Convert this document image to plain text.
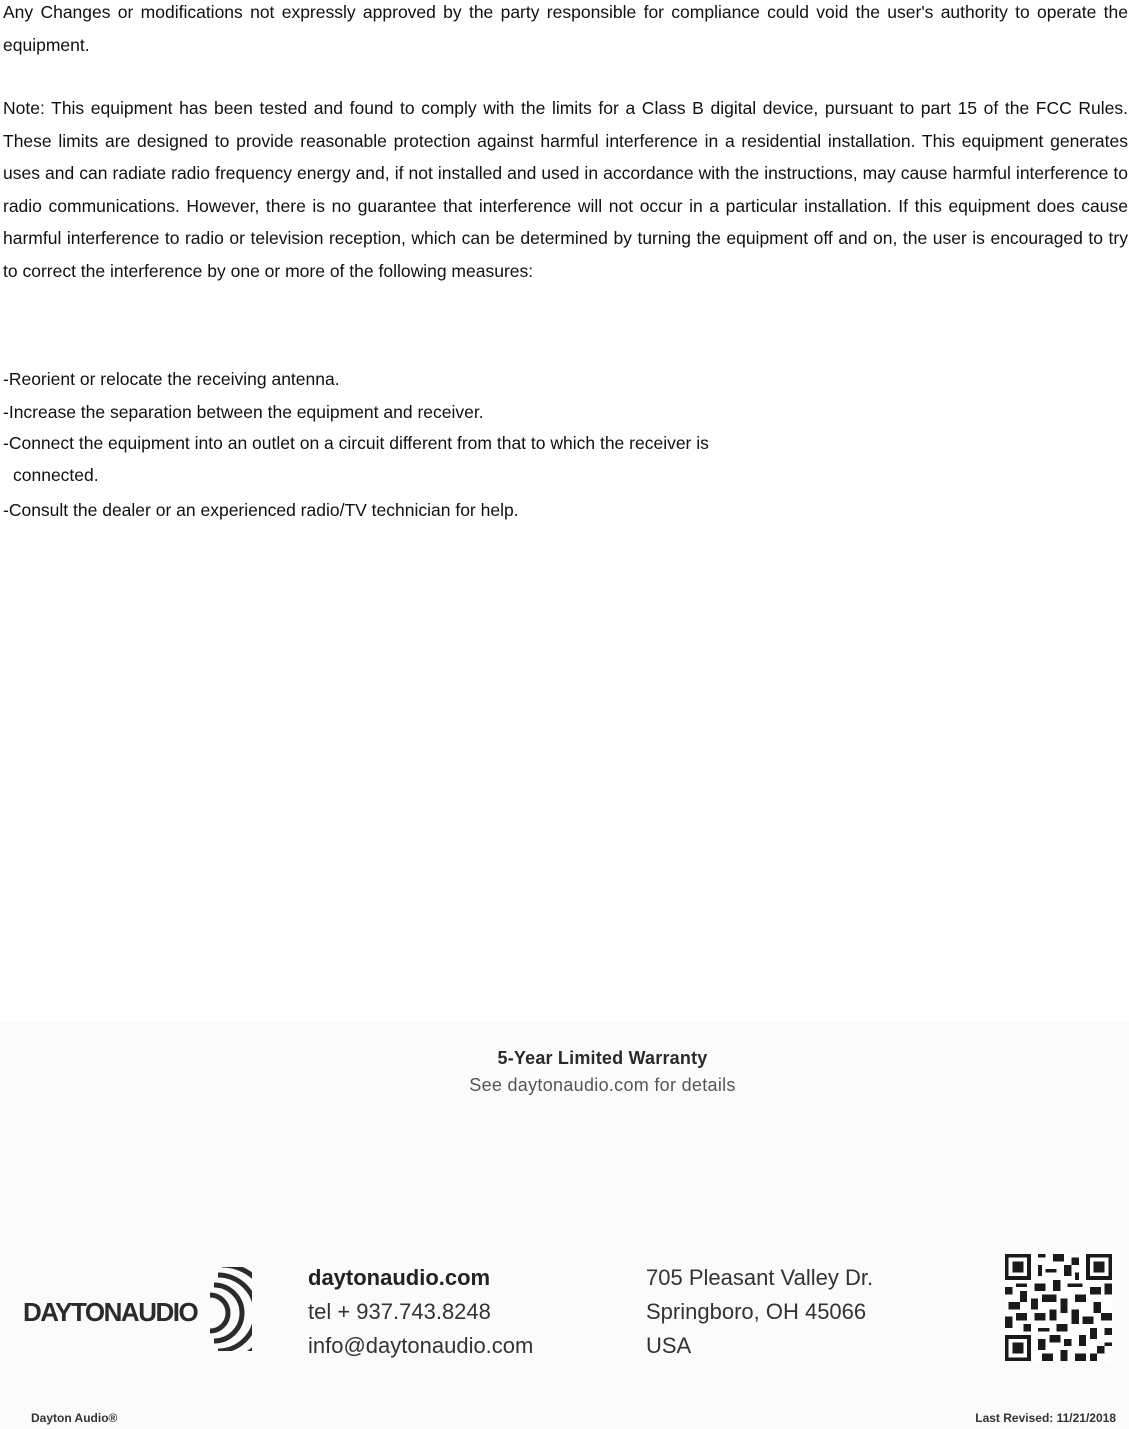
Any Changes or modifications not expressly approved by the party responsible for compliance could void the user's authority to operate the equipment.

Note: This equipment has been tested and found to comply with the limits for a Class B digital device, pursuant to part 15 of the FCC Rules. These limits are designed to provide reasonable protection against harmful interference in a residential installation. This equipment generates uses and can radiate radio frequency energy and, if not installed and used in accordance with the instructions, may cause harmful interference to radio communications. However, there is no guarantee that interference will not occur in a particular installation. If this equipment does cause harmful interference to radio or television reception, which can be determined by turning the equipment off and on, the user is encouraged to try to correct the interference by one or more of the following measures:

-Reorient or relocate the receiving antenna.
-Increase the separation between the equipment and receiver.
-Connect the equipment into an outlet on a circuit different from that to which the receiver is
connected.
-Consult the dealer or an experienced radio/TV technician for help.
5-Year Limited Warranty
See daytonaudio.com for details
DAYTONAUDIO
daytonaudio.com
tel + 937.743.8248
info@daytonaudio.com
705 Pleasant Valley Dr.
Springboro, OH 45066
USA
Dayton Audio®	Last Revised: 11/21/2018
